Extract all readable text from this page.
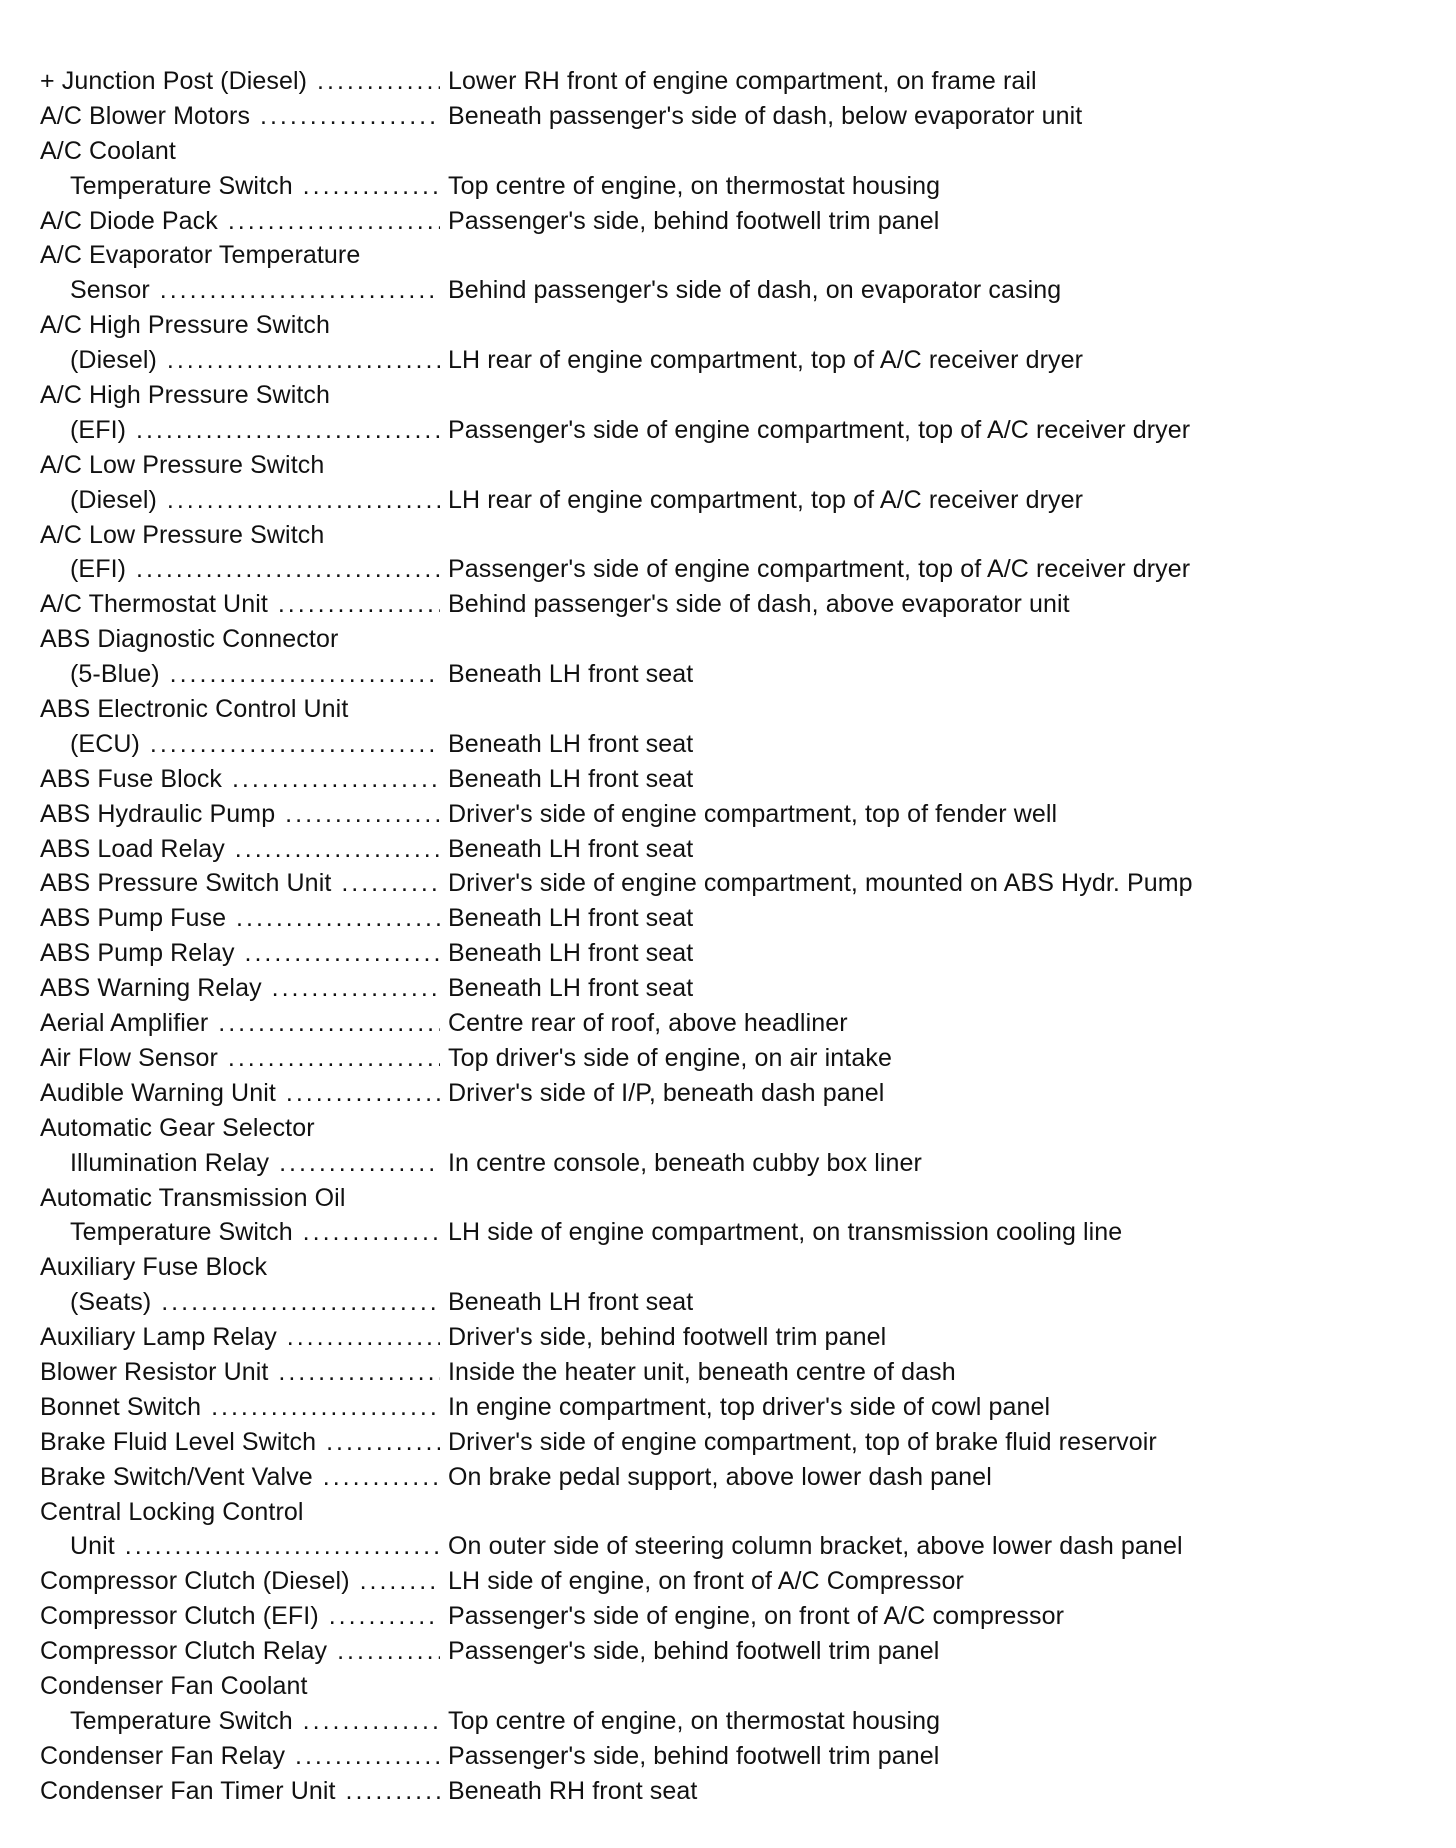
+ Junction Post (Diesel) .....	Lower RH front of engine compartment, on frame rail
A/C Blower Motors .....	Beneath passenger's side of dash, below evaporator unit
A/C Coolant
Temperature Switch .....	Top centre of engine, on thermostat housing
A/C Diode Pack .....	Passenger's side, behind footwell trim panel
A/C Evaporator Temperature
Sensor .....	Behind passenger's side of dash, on evaporator casing
A/C High Pressure Switch
(Diesel) .....	LH rear of engine compartment, top of A/C receiver dryer
A/C High Pressure Switch
(EFI) .....	Passenger's side of engine compartment, top of A/C receiver dryer
A/C Low Pressure Switch
(Diesel) .....	LH rear of engine compartment, top of A/C receiver dryer
A/C Low Pressure Switch
(EFI) .....	Passenger's side of engine compartment, top of A/C receiver dryer
A/C Thermostat Unit .....	Behind passenger's side of dash, above evaporator unit
ABS Diagnostic Connector
(5-Blue) .....	Beneath LH front seat
ABS Electronic Control Unit
(ECU) .....	Beneath LH front seat
ABS Fuse Block .....	Beneath LH front seat
ABS Hydraulic Pump .....	Driver's side of engine compartment, top of fender well
ABS Load Relay .....	Beneath LH front seat
ABS Pressure Switch Unit .....	Driver's side of engine compartment, mounted on ABS Hydr. Pump
ABS Pump Fuse .....	Beneath LH front seat
ABS Pump Relay .....	Beneath LH front seat
ABS Warning Relay .....	Beneath LH front seat
Aerial Amplifier .....	Centre rear of roof, above headliner
Air Flow Sensor .....	Top driver's side of engine, on air intake
Audible Warning Unit .....	Driver's side of I/P, beneath dash panel
Automatic Gear Selector
Illumination Relay .....	In centre console, beneath cubby box liner
Automatic Transmission Oil
Temperature Switch .....	LH side of engine compartment, on transmission cooling line
Auxiliary Fuse Block
(Seats) .....	Beneath LH front seat
Auxiliary Lamp Relay .....	Driver's side, behind footwell trim panel
Blower Resistor Unit .....	Inside the heater unit, beneath centre of dash
Bonnet Switch .....	In engine compartment, top driver's side of cowl panel
Brake Fluid Level Switch .....	Driver's side of engine compartment, top of brake fluid reservoir
Brake Switch/Vent Valve .....	On brake pedal support, above lower dash panel
Central Locking Control
Unit .....	On outer side of steering column bracket, above lower dash panel
Compressor Clutch (Diesel) .....	LH side of engine, on front of A/C Compressor
Compressor Clutch (EFI) .....	Passenger's side of engine, on front of A/C compressor
Compressor Clutch Relay .....	Passenger's side, behind footwell trim panel
Condenser Fan Coolant
Temperature Switch .....	Top centre of engine, on thermostat housing
Condenser Fan Relay .....	Passenger's side, behind footwell trim panel
Condenser Fan Timer Unit .....	Beneath RH front seat
